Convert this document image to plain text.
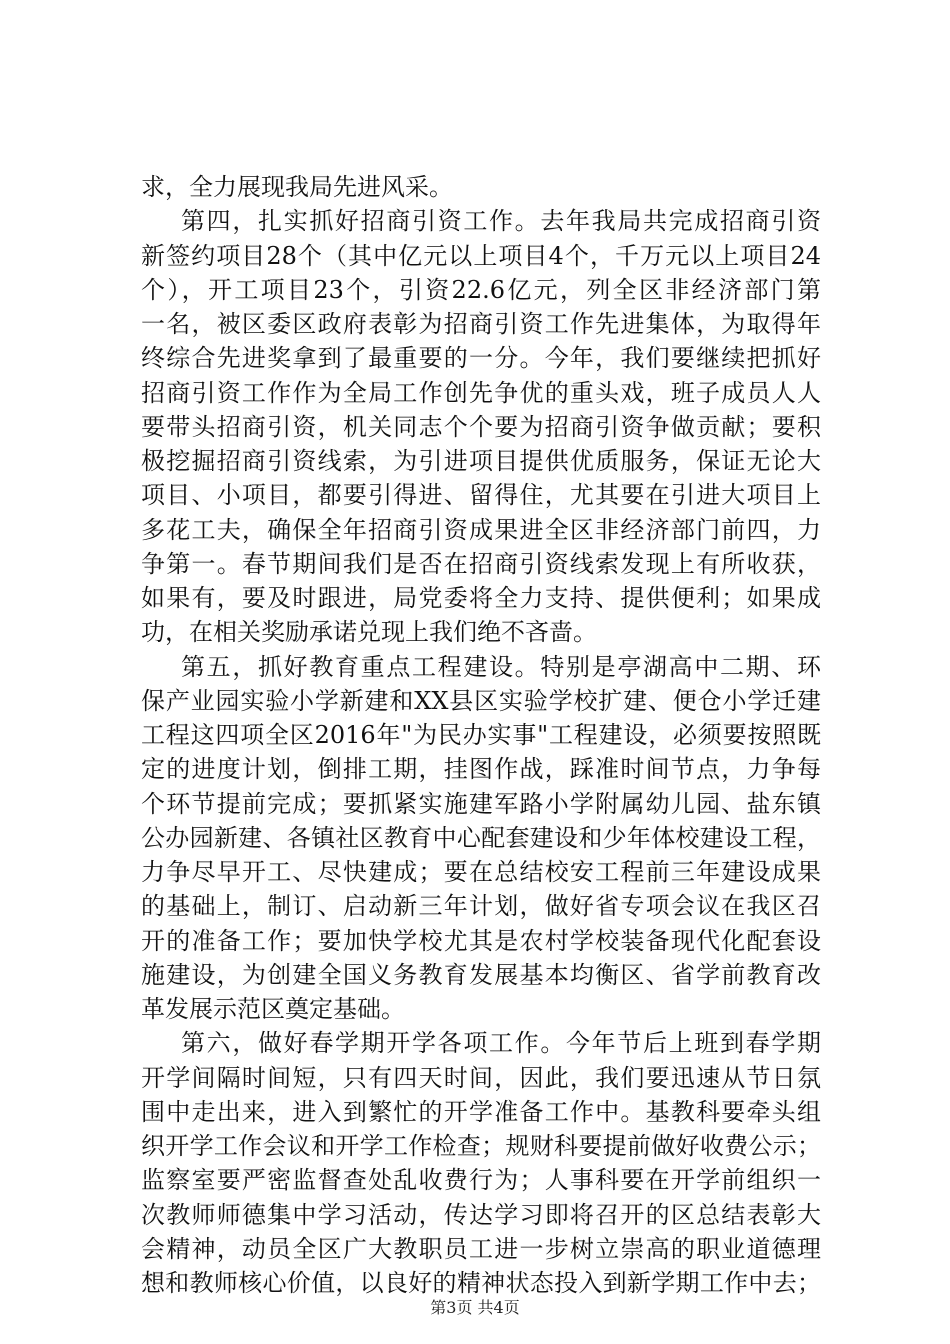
求，全力展现我局先进风采。
第四，扎实抓好招商引资工作。去年我局共完成招商引资
新签约项目28个（其中亿元以上项目4个，千万元以上项目24
个），开工项目23个，引资22.6亿元，列全区非经济部门第
一名，被区委区政府表彰为招商引资工作先进集体，为取得年
终综合先进奖拿到了最重要的一分。今年，我们要继续把抓好
招商引资工作作为全局工作创先争优的重头戏，班子成员人人
要带头招商引资，机关同志个个要为招商引资争做贡献；要积
极挖掘招商引资线索，为引进项目提供优质服务，保证无论大
项目、小项目，都要引得进、留得住，尤其要在引进大项目上
多花工夫，确保全年招商引资成果进全区非经济部门前四，力
争第一。春节期间我们是否在招商引资线索发现上有所收获，
如果有，要及时跟进，局党委将全力支持、提供便利；如果成
功，在相关奖励承诺兑现上我们绝不吝啬。
第五，抓好教育重点工程建设。特别是亭湖高中二期、环
保产业园实验小学新建和XX县区实验学校扩建、便仓小学迁建
工程这四项全区2016年"为民办实事"工程建设，必须要按照既
定的进度计划，倒排工期，挂图作战，踩准时间节点，力争每
个环节提前完成；要抓紧实施建军路小学附属幼儿园、盐东镇
公办园新建、各镇社区教育中心配套建设和少年体校建设工程，
力争尽早开工、尽快建成；要在总结校安工程前三年建设成果
的基础上，制订、启动新三年计划，做好省专项会议在我区召
开的准备工作；要加快学校尤其是农村学校装备现代化配套设
施建设，为创建全国义务教育发展基本均衡区、省学前教育改
革发展示范区奠定基础。
第六，做好春学期开学各项工作。今年节后上班到春学期
开学间隔时间短，只有四天时间，因此，我们要迅速从节日氛
围中走出来，进入到繁忙的开学准备工作中。基教科要牵头组
织开学工作会议和开学工作检查；规财科要提前做好收费公示；
监察室要严密监督查处乱收费行为；人事科要在开学前组织一
次教师师德集中学习活动，传达学习即将召开的区总结表彰大
会精神，动员全区广大教职员工进一步树立崇高的职业道德理
想和教师核心价值，以良好的精神状态投入到新学期工作中去；
第3页 共4页
